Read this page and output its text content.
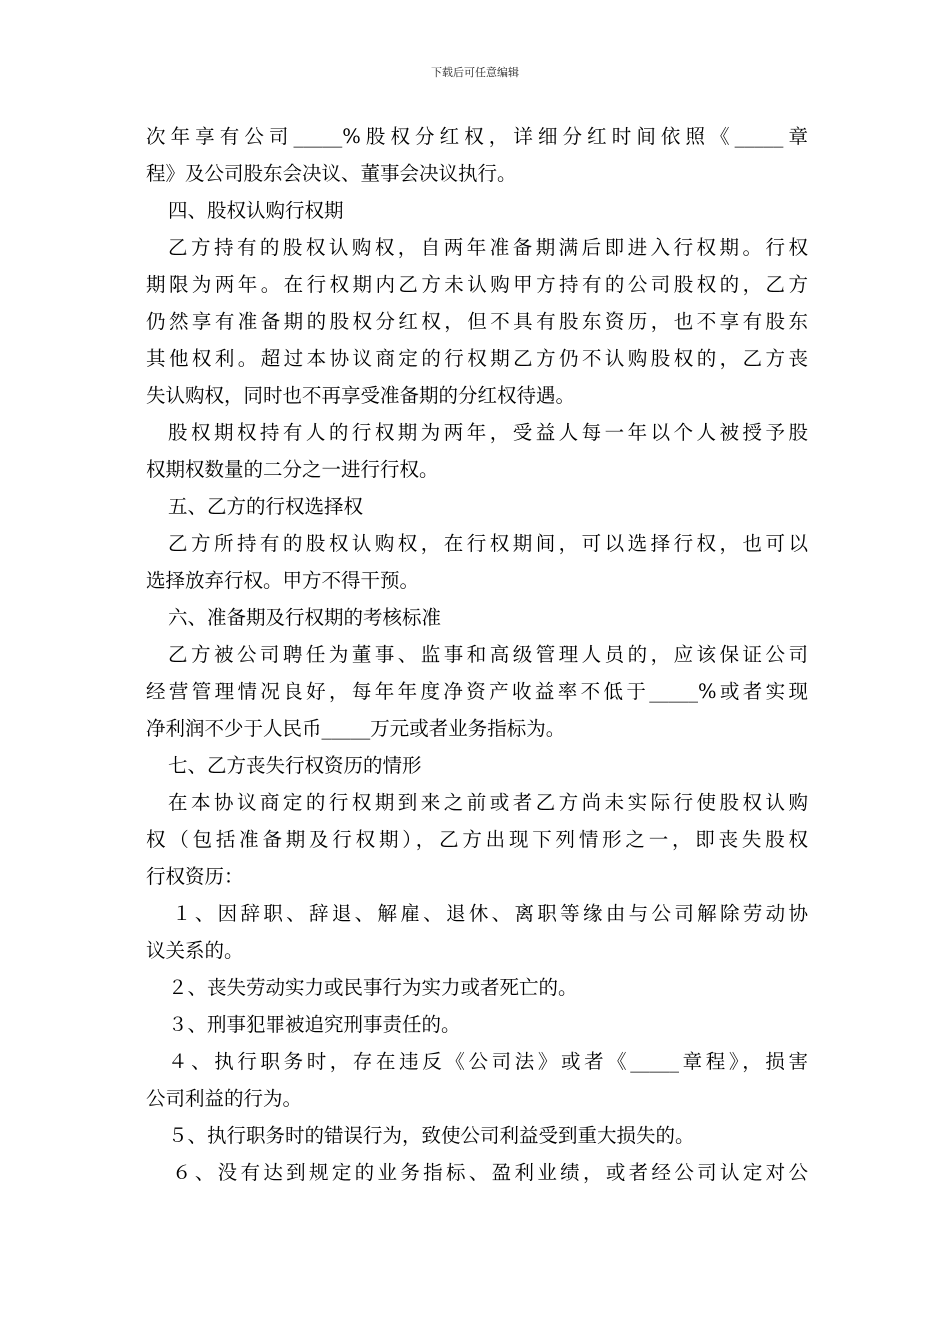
下载后可任意编辑
次年享有公司_____%股权分红权，详细分红时间依照《_____章
程》及公司股东会决议、董事会决议执行。
四、股权认购行权期
乙方持有的股权认购权，自两年准备期满后即进入行权期。行权
期限为两年。在行权期内乙方未认购甲方持有的公司股权的，乙方
仍然享有准备期的股权分红权，但不具有股东资历，也不享有股东
其他权利。超过本协议商定的行权期乙方仍不认购股权的，乙方丧
失认购权，同时也不再享受准备期的分红权待遇。
股权期权持有人的行权期为两年，受益人每一年以个人被授予股
权期权数量的二分之一进行行权。
五、乙方的行权选择权
乙方所持有的股权认购权，在行权期间，可以选择行权，也可以
选择放弃行权。甲方不得干预。
六、准备期及行权期的考核标准
乙方被公司聘任为董事、监事和高级管理人员的，应该保证公司
经营管理情况良好，每年年度净资产收益率不低于_____%或者实现
净利润不少于人民币_____万元或者业务指标为。
七、乙方丧失行权资历的情形
在本协议商定的行权期到来之前或者乙方尚未实际行使股权认购
权（包括准备期及行权期），乙方出现下列情形之一，即丧失股权
行权资历：
１、因辞职、辞退、解雇、退休、离职等缘由与公司解除劳动协
议关系的。
２、丧失劳动实力或民事行为实力或者死亡的。
３、刑事犯罪被追究刑事责任的。
４、执行职务时，存在违反《公司法》或者《_____章程》，损害
公司利益的行为。
５、执行职务时的错误行为，致使公司利益受到重大损失的。
６、没有达到规定的业务指标、盈利业绩，或者经公司认定对公
